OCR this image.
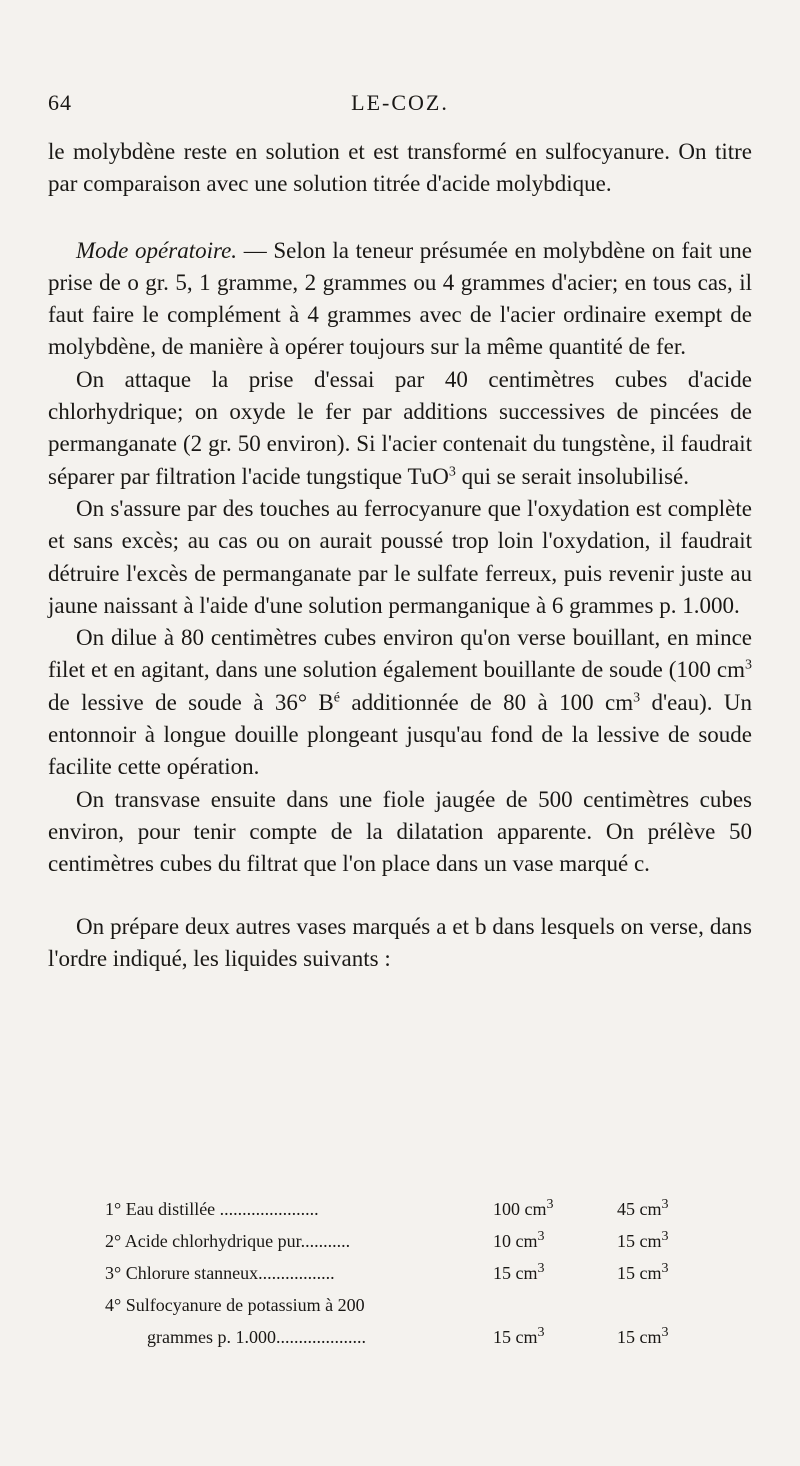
64	LE-COZ.

le molybdène reste en solution et est transformé en sulfocyanure. On titre par comparaison avec une solution titrée d'acide molybdique.

Mode opératoire. — Selon la teneur présumée en molybdène on fait une prise de o gr. 5, 1 gramme, 2 grammes ou 4 grammes d'acier; en tous cas, il faut faire le complément à 4 grammes avec de l'acier ordinaire exempt de molybdène, de manière à opérer toujours sur la même quantité de fer.

On attaque la prise d'essai par 40 centimètres cubes d'acide chlorhydrique; on oxyde le fer par additions successives de pincées de permanganate (2 gr. 50 environ). Si l'acier contenait du tungstène, il faudrait séparer par filtration l'acide tungstique TuO$^3$ qui se serait insolubilisé.

On s'assure par des touches au ferrocyanure que l'oxydation est complète et sans excès; au cas ou on aurait poussé trop loin l'oxydation, il faudrait détruire l'excès de permanganate par le sulfate ferreux, puis revenir juste au jaune naissant à l'aide d'une solution permanganique à 6 grammes p. 1.000.

On dilue à 80 centimètres cubes environ qu'on verse bouillant, en mince filet et en agitant, dans une solution également bouillante de soude (100 $cm^3$ de lessive de soude à 36° $B^é$ additionnée de 80 à 100 $cm^3$ d'eau). Un entonnoir à longue douille plongeant jusqu'au fond de la lessive de soude facilite cette opération.

On transvase ensuite dans une fiole jaugée de 500 centimètres cubes environ, pour tenir compte de la dilatation apparente. On prélève 50 centimètres cubes du filtrat que l'on place dans un vase marqué c.

On prépare deux autres vases marqués a et b dans lesquels on verse, dans l'ordre indiqué, les liquides suivants :

1° Eau distillée ......................	100 $cm^3$	45 $cm^3$
2° Acide chlorhydrique pur...........	10 $cm^3$	15 $cm^3$
3° Chlorure stanneux.................	15 $cm^3$	15 $cm^3$
4° Sulfocyanure de potassium à 200
grammes p. 1.000....................	15 $cm^3$	15 $cm^3$
